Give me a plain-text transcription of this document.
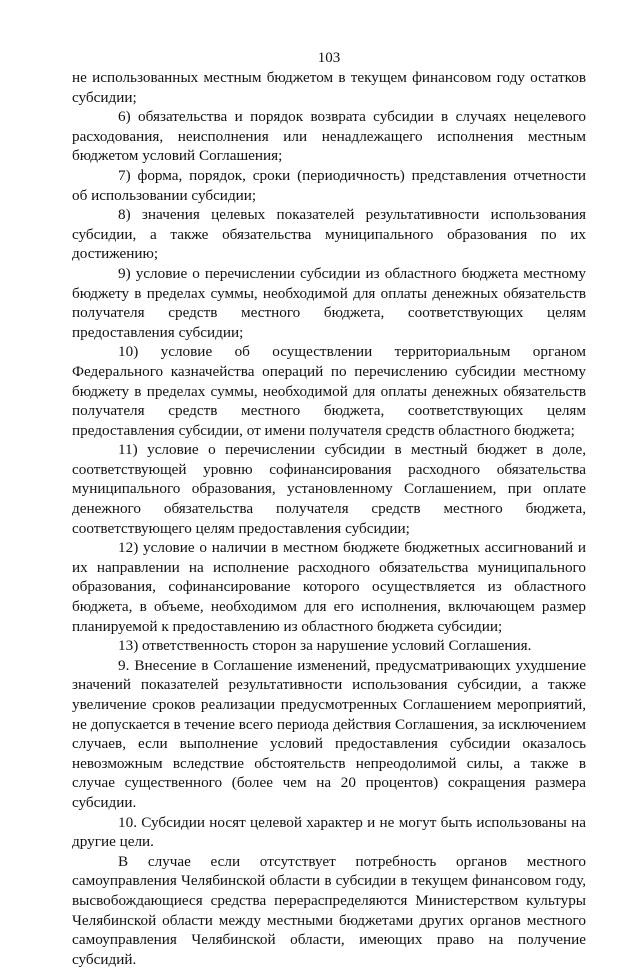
103

не использованных местным бюджетом в текущем финансовом году остатков субсидии;

6) обязательства и порядок возврата субсидии в случаях нецелевого расходования, неисполнения или ненадлежащего исполнения местным бюджетом условий Соглашения;

7) форма, порядок, сроки (периодичность) представления отчетности об использовании субсидии;

8) значения целевых показателей результативности использования субсидии, а также обязательства муниципального образования по их достижению;

9) условие о перечислении субсидии из областного бюджета местному бюджету в пределах суммы, необходимой для оплаты денежных обязательств получателя средств местного бюджета, соответствующих целям предоставления субсидии;

10) условие об осуществлении территориальным органом Федерального казначейства операций по перечислению субсидии местному бюджету в пределах суммы, необходимой для оплаты денежных обязательств получателя средств местного бюджета, соответствующих целям предоставления субсидии, от имени получателя средств областного бюджета;

11) условие о перечислении субсидии в местный бюджет в доле, соответствующей уровню софинансирования расходного обязательства муниципального образования, установленному Соглашением, при оплате денежного обязательства получателя средств местного бюджета, соответствующего целям предоставления субсидии;

12) условие о наличии в местном бюджете бюджетных ассигнований и их направлении на исполнение расходного обязательства муниципального образования, софинансирование которого осуществляется из областного бюджета, в объеме, необходимом для его исполнения, включающем размер планируемой к предоставлению из областного бюджета субсидии;

13) ответственность сторон за нарушение условий Соглашения.

9. Внесение в Соглашение изменений, предусматривающих ухудшение значений показателей результативности использования субсидии, а также увеличение сроков реализации предусмотренных Соглашением мероприятий, не допускается в течение всего периода действия Соглашения, за исключением случаев, если выполнение условий предоставления субсидии оказалось невозможным вследствие обстоятельств непреодолимой силы, а также в случае существенного (более чем на 20 процентов) сокращения размера субсидии.

10. Субсидии носят целевой характер и не могут быть использованы на другие цели.

В случае если отсутствует потребность органов местного самоуправления Челябинской области в субсидии в текущем финансовом году, высвобождающиеся средства перераспределяются Министерством культуры Челябинской области между местными бюджетами других органов местного самоуправления Челябинской области, имеющих право на получение субсидий.
